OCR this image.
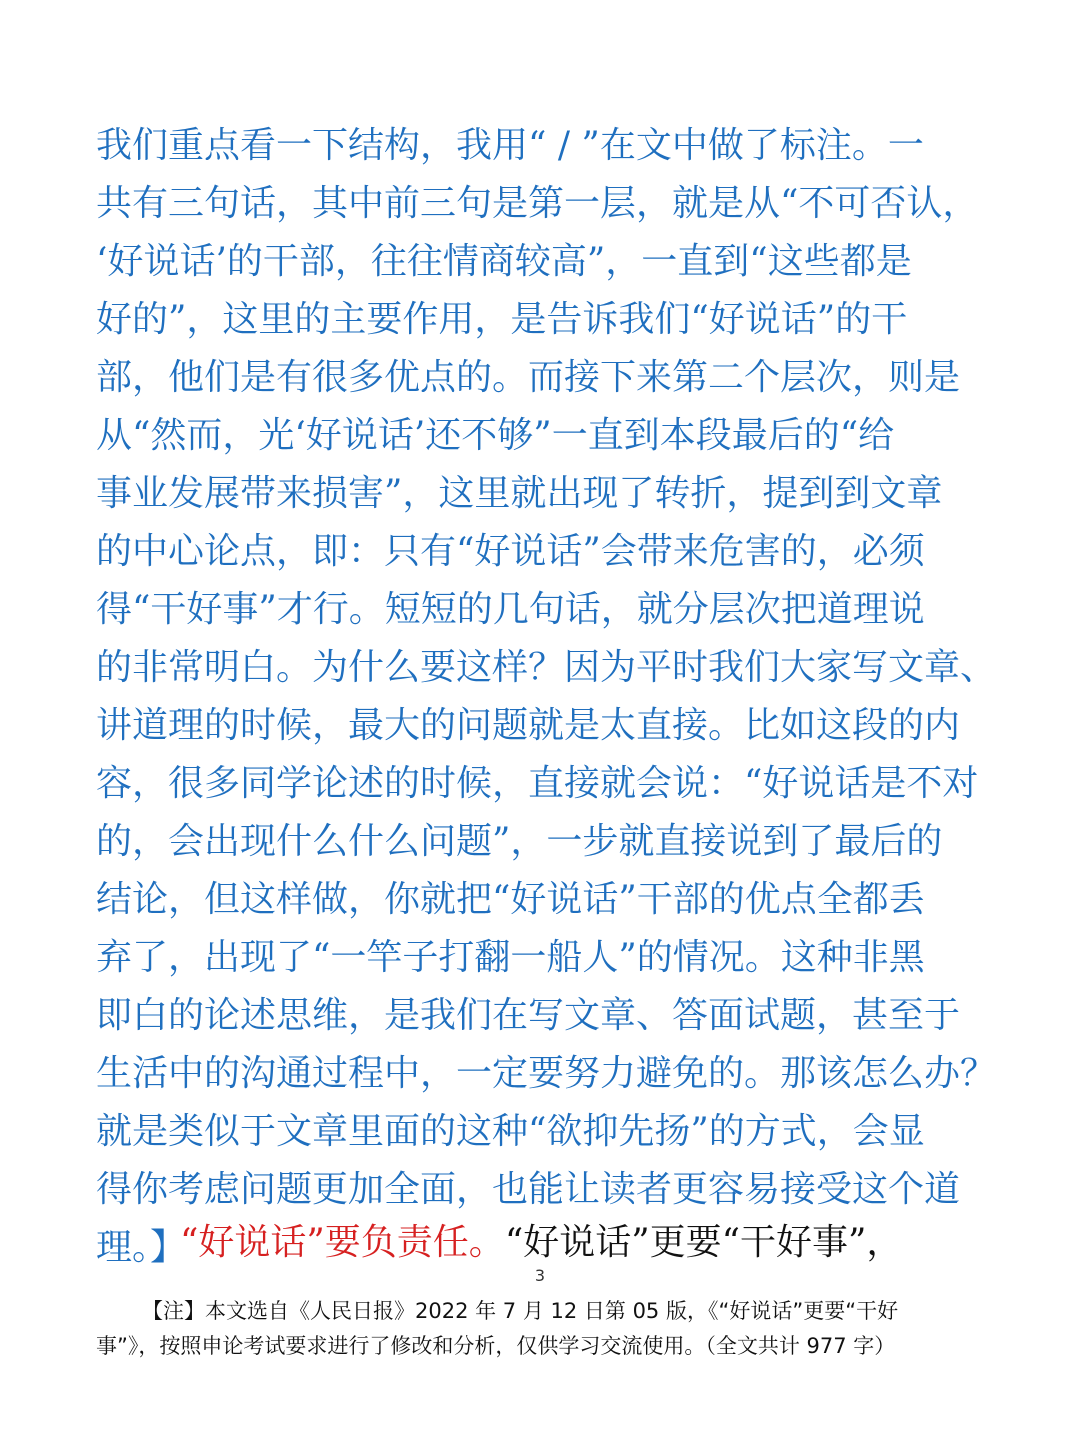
我们重点看一下结构，我用“ / ”在文中做了标注。一
共有三句话，其中前三句是第一层，就是从“不可否认，
‘好说话’的干部，往往情商较高”，一直到“这些都是
好的”，这里的主要作用，是告诉我们“好说话”的干
部，他们是有很多优点的。而接下来第二个层次，则是
从“然而，光‘好说话’还不够”一直到本段最后的“给
事业发展带来损害”，这里就出现了转折，提到到文章
的中心论点，即：只有“好说话”会带来危害的，必须
得“干好事”才行。短短的几句话，就分层次把道理说
的非常明白。为什么要这样？因为平时我们大家写文章、
讲道理的时候，最大的问题就是太直接。比如这段的内
容，很多同学论述的时候，直接就会说：“好说话是不对
的，会出现什么什么问题”，一步就直接说到了最后的
结论，但这样做，你就把“好说话”干部的优点全都丢
弃了，出现了“一竿子打翻一船人”的情况。这种非黑
即白的论述思维，是我们在写文章、答面试题，甚至于
生活中的沟通过程中，一定要努力避免的。那该怎么办？
就是类似于文章里面的这种“欲抑先扬”的方式，会显
得你考虑问题更加全面，也能让读者更容易接受这个道
理。】
“好说话”要负责任。“好说话”更要“干好事”，
3
【注】本文选自《人民日报》2022 年 7 月 12 日第 05 版，《“好说话”更要“干好
事”》，按照申论考试要求进行了修改和分析，仅供学习交流使用。（全文共计 977 字）
